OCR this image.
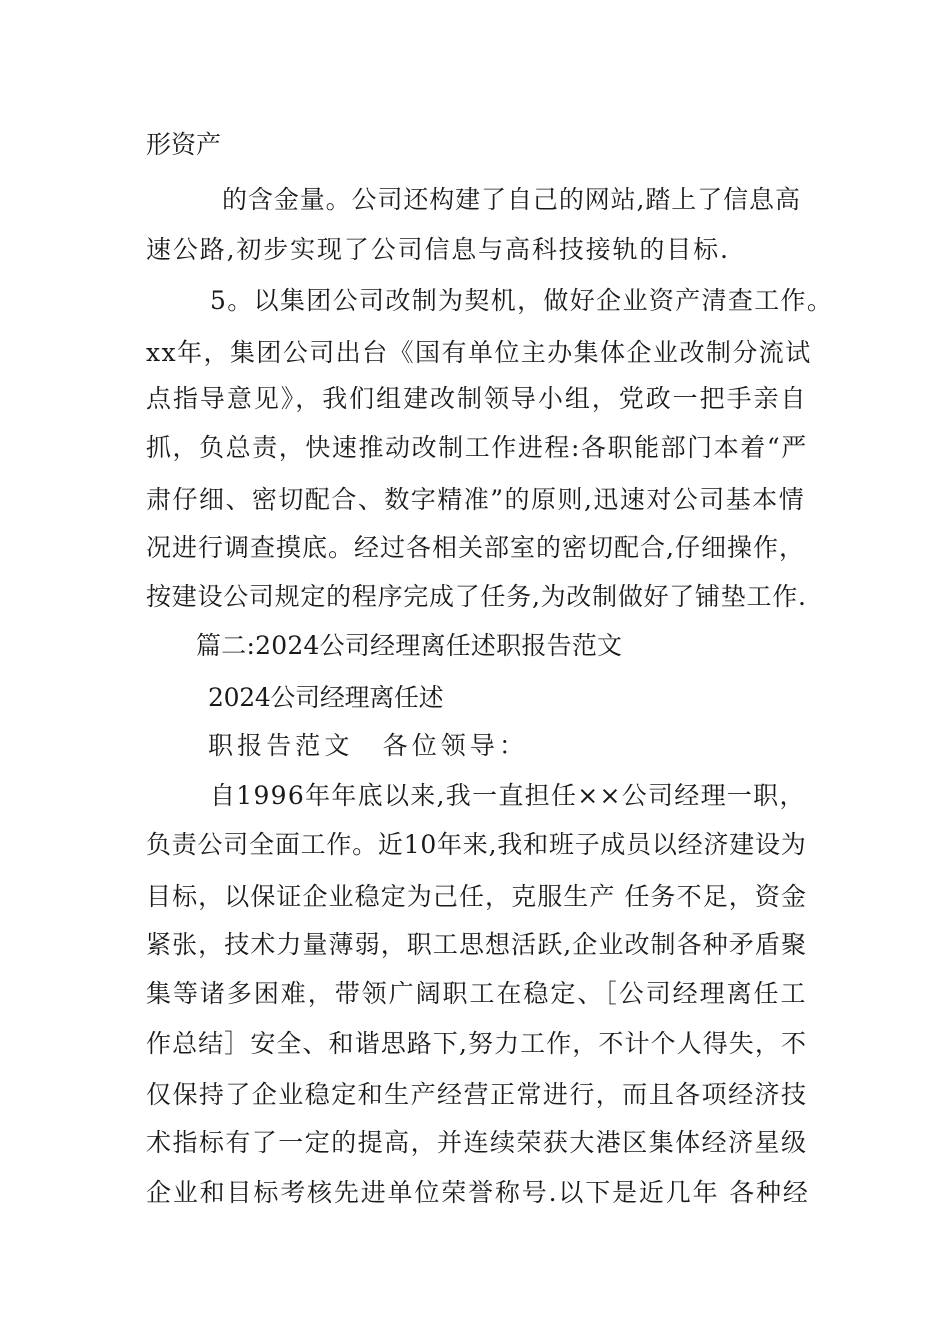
形资产
的含金量。公司还构建了自己的网站,踏上了信息高
速公路,初步实现了公司信息与高科技接轨的目标.
5。以集团公司改制为契机，做好企业资产清查工作。
xx年，集团公司出台《国有单位主办集体企业改制分流试
点指导意见》，我们组建改制领导小组，党政一把手亲自
抓，负总责，快速推动改制工作进程:各职能部门本着“严
肃仔细、密切配合、数字精准”的原则,迅速对公司基本情
况进行调查摸底。经过各相关部室的密切配合,仔细操作，
按建设公司规定的程序完成了任务,为改制做好了铺垫工作.
篇二:2024公司经理离任述职报告范文
2024公司经理离任述
职报告范文　各位领导：
自1996年年底以来,我一直担任××公司经理一职，
负责公司全面工作。近10年来,我和班子成员以经济建设为
目标，以保证企业稳定为己任，克服生产 任务不足，资金
紧张，技术力量薄弱，职工思想活跃,企业改制各种矛盾聚
集等诸多困难，带领广阔职工在稳定、［公司经理离任工
作总结］安全、和谐思路下,努力工作，不计个人得失，不
仅保持了企业稳定和生产经营正常进行，而且各项经济技
术指标有了一定的提高，并连续荣获大港区集体经济星级
企业和目标考核先进单位荣誉称号.以下是近几年 各种经
